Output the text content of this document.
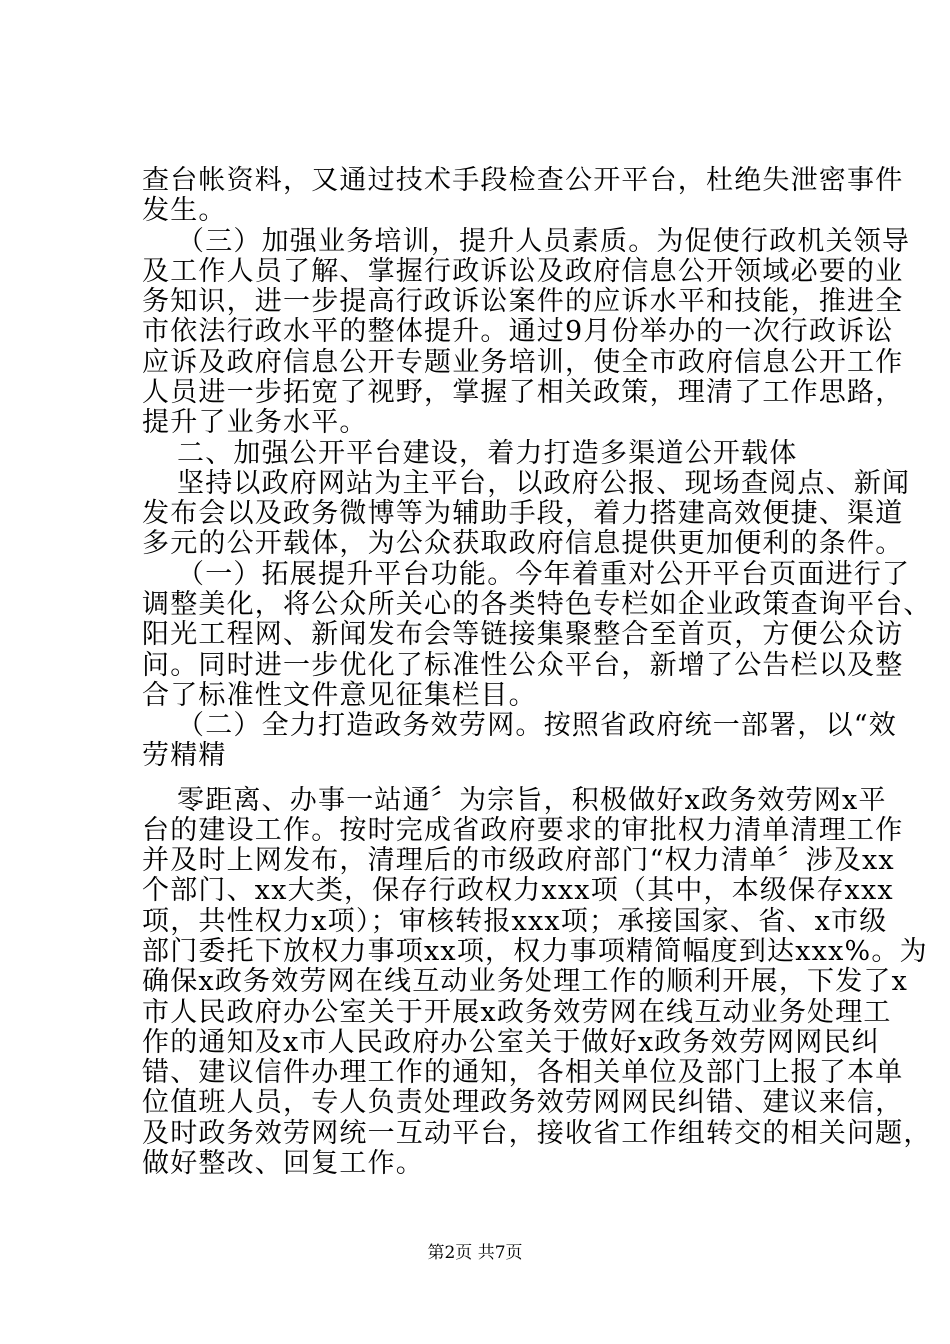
查台帐资料，又通过技术手段检查公开平台，杜绝失泄密事件
发生。
（三）加强业务培训，提升人员素质。为促使行政机关领导
及工作人员了解、掌握行政诉讼及政府信息公开领域必要的业
务知识，进一步提高行政诉讼案件的应诉水平和技能，推进全
市依法行政水平的整体提升。通过9月份举办的一次行政诉讼
应诉及政府信息公开专题业务培训，使全市政府信息公开工作
人员进一步拓宽了视野，掌握了相关政策，理清了工作思路，
提升了业务水平。
二、加强公开平台建设，着力打造多渠道公开载体
坚持以政府网站为主平台，以政府公报、现场查阅点、新闻
发布会以及政务微博等为辅助手段，着力搭建高效便捷、渠道
多元的公开载体，为公众获取政府信息提供更加便利的条件。
（一）拓展提升平台功能。今年着重对公开平台页面进行了
调整美化，将公众所关心的各类特色专栏如企业政策查询平台、
阳光工程网、新闻发布会等链接集聚整合至首页，方便公众访
问。同时进一步优化了标准性公众平台，新增了公告栏以及整
合了标准性文件意见征集栏目。
（二）全力打造政务效劳网。按照省政府统一部署，以“效
劳精精
零距离、办事一站通〞为宗旨，积极做好x政务效劳网x平
台的建设工作。按时完成省政府要求的审批权力清单清理工作
并及时上网发布，清理后的市级政府部门“权力清单〞涉及xx
个部门、xx大类，保存行政权力xxx项（其中，本级保存xxx
项，共性权力x项）；审核转报xxx项；承接国家、省、x市级
部门委托下放权力事项xx项，权力事项精简幅度到达xxx%。为
确保x政务效劳网在线互动业务处理工作的顺利开展，下发了x
市人民政府办公室关于开展x政务效劳网在线互动业务处理工
作的通知及x市人民政府办公室关于做好x政务效劳网网民纠
错、建议信件办理工作的通知，各相关单位及部门上报了本单
位值班人员，专人负责处理政务效劳网网民纠错、建议来信，
及时政务效劳网统一互动平台，接收省工作组转交的相关问题，
做好整改、回复工作。
第2页 共7页
